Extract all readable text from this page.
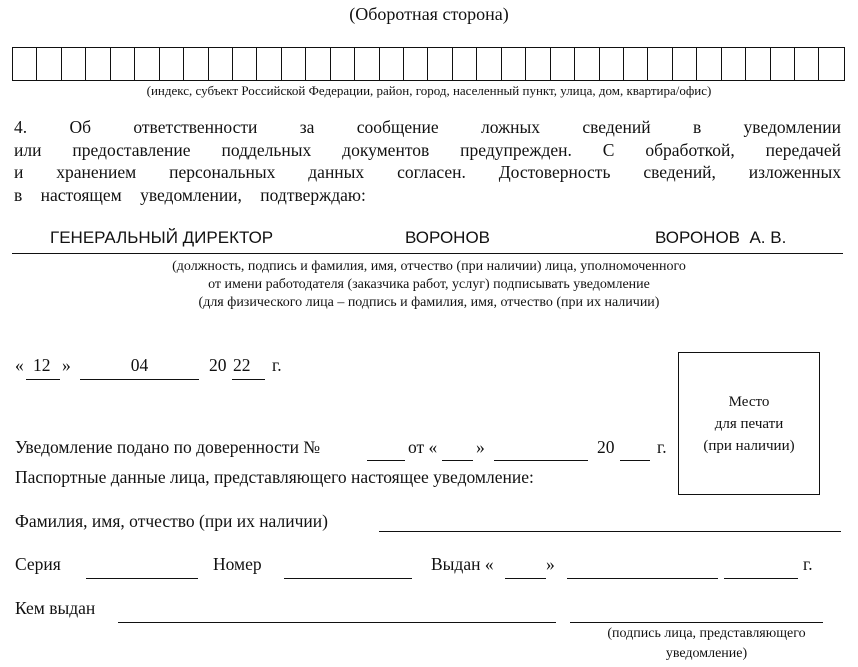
(Оборотная сторона)
(индекс, субъект Российской Федерации, район, город, населенный пункт, улица, дом, квартира/офис)
4. Об ответственности за сообщение ложных сведений в уведомлении
или предоставление поддельных документов предупрежден. С обработкой, передачей
и хранением персональных данных согласен. Достоверность сведений, изложенных
в настоящем уведомлении, подтверждаю:
ГЕНЕРАЛЬНЫЙ ДИРЕКТОР	ВОРОНОВ	ВОРОНОВ  А. В.
(должность, подпись и фамилия, имя, отчество (при наличии) лица, уполномоченного
от имени работодателя (заказчика работ, услуг) подписывать уведомление
(для физического лица – подпись и фамилия, имя, отчество (при их наличии)
« 12 »	04	20 22 г.
Место
для печати
(при наличии)
Уведомление подано по доверенности №	от « »	20 г.
Паспортные данные лица, представляющего настоящее уведомление:
Фамилия, имя, отчество (при их наличии)
Серия	Номер	Выдан «	»	г.
Кем выдан
(подпись лица, представляющего
уведомление)
